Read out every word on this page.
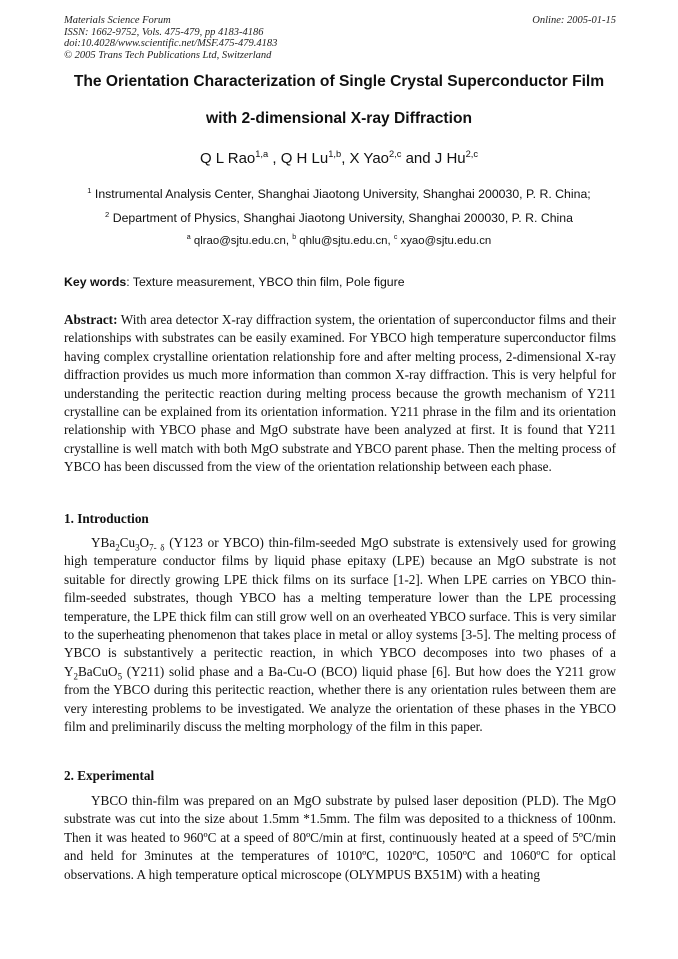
Materials Science Forum
ISSN: 1662-9752, Vols. 475-479, pp 4183-4186
doi:10.4028/www.scientific.net/MSF.475-479.4183
© 2005 Trans Tech Publications Ltd, Switzerland
Online: 2005-01-15
The Orientation Characterization of Single Crystal Superconductor Film
with 2-dimensional X-ray Diffraction
Q L Rao$^{1,a}$ , Q H Lu$^{1,b}$, X Yao$^{2,c}$ and J Hu$^{2,c}$
$^1$ Instrumental Analysis Center, Shanghai Jiaotong University, Shanghai 200030, P. R. China;
$^2$ Department of Physics, Shanghai Jiaotong University, Shanghai 200030, P. R. China
$^a$ qlrao@sjtu.edu.cn, $^b$ qhlu@sjtu.edu.cn, $^c$ xyao@sjtu.edu.cn
Key words: Texture measurement, YBCO thin film, Pole figure

Abstract: With area detector X-ray diffraction system, the orientation of superconductor films and their relationships with substrates can be easily examined. For YBCO high temperature superconductor films having complex crystalline orientation relationship fore and after melting process, 2-dimensional X-ray diffraction provides us much more information than common X-ray diffraction. This is very helpful for understanding the peritectic reaction during melting process because the growth mechanism of Y211 crystalline can be explained from its orientation information. Y211 phrase in the film and its orientation relationship with YBCO phase and MgO substrate have been analyzed at first. It is found that Y211 crystalline is well match with both MgO substrate and YBCO parent phase. Then the melting process of YBCO has been discussed from the view of the orientation relationship between each phase.

1. Introduction

$YBa_2Cu_3O_{7- \delta}$ (Y123 or YBCO) thin-film-seeded MgO substrate is extensively used for growing high temperature conductor films by liquid phase epitaxy (LPE) because an MgO substrate is not suitable for directly growing LPE thick films on its surface [1-2]. When LPE carries on YBCO thin-film-seeded substrates, though YBCO has a melting temperature lower than the LPE processing temperature, the LPE thick film can still grow well on an overheated YBCO surface. This is very similar to the superheating phenomenon that takes place in metal or alloy systems [3-5]. The melting process of YBCO is substantively a peritectic reaction, in which YBCO decomposes into two phases of a $Y_2BaCuO_5$ (Y211) solid phase and a Ba-Cu-O (BCO) liquid phase [6]. But how does the Y211 grow from the YBCO during this peritectic reaction, whether there is any orientation rules between them are very interesting problems to be investigated. We analyze the orientation of these phases in the YBCO film and preliminarily discuss the melting morphology of the film in this paper.

2. Experimental

YBCO thin-film was prepared on an MgO substrate by pulsed laser deposition (PLD). The MgO substrate was cut into the size about 1.5mm *1.5mm. The film was deposited to a thickness of 100nm. Then it was heated to 960ºC at a speed of 80ºC/min at first, continuously heated at a speed of 5ºC/min and held for 3minutes at the temperatures of 1010ºC, 1020ºC, 1050ºC and 1060ºC for optical observations. A high temperature optical microscope (OLYMPUS BX51M) with a heating
